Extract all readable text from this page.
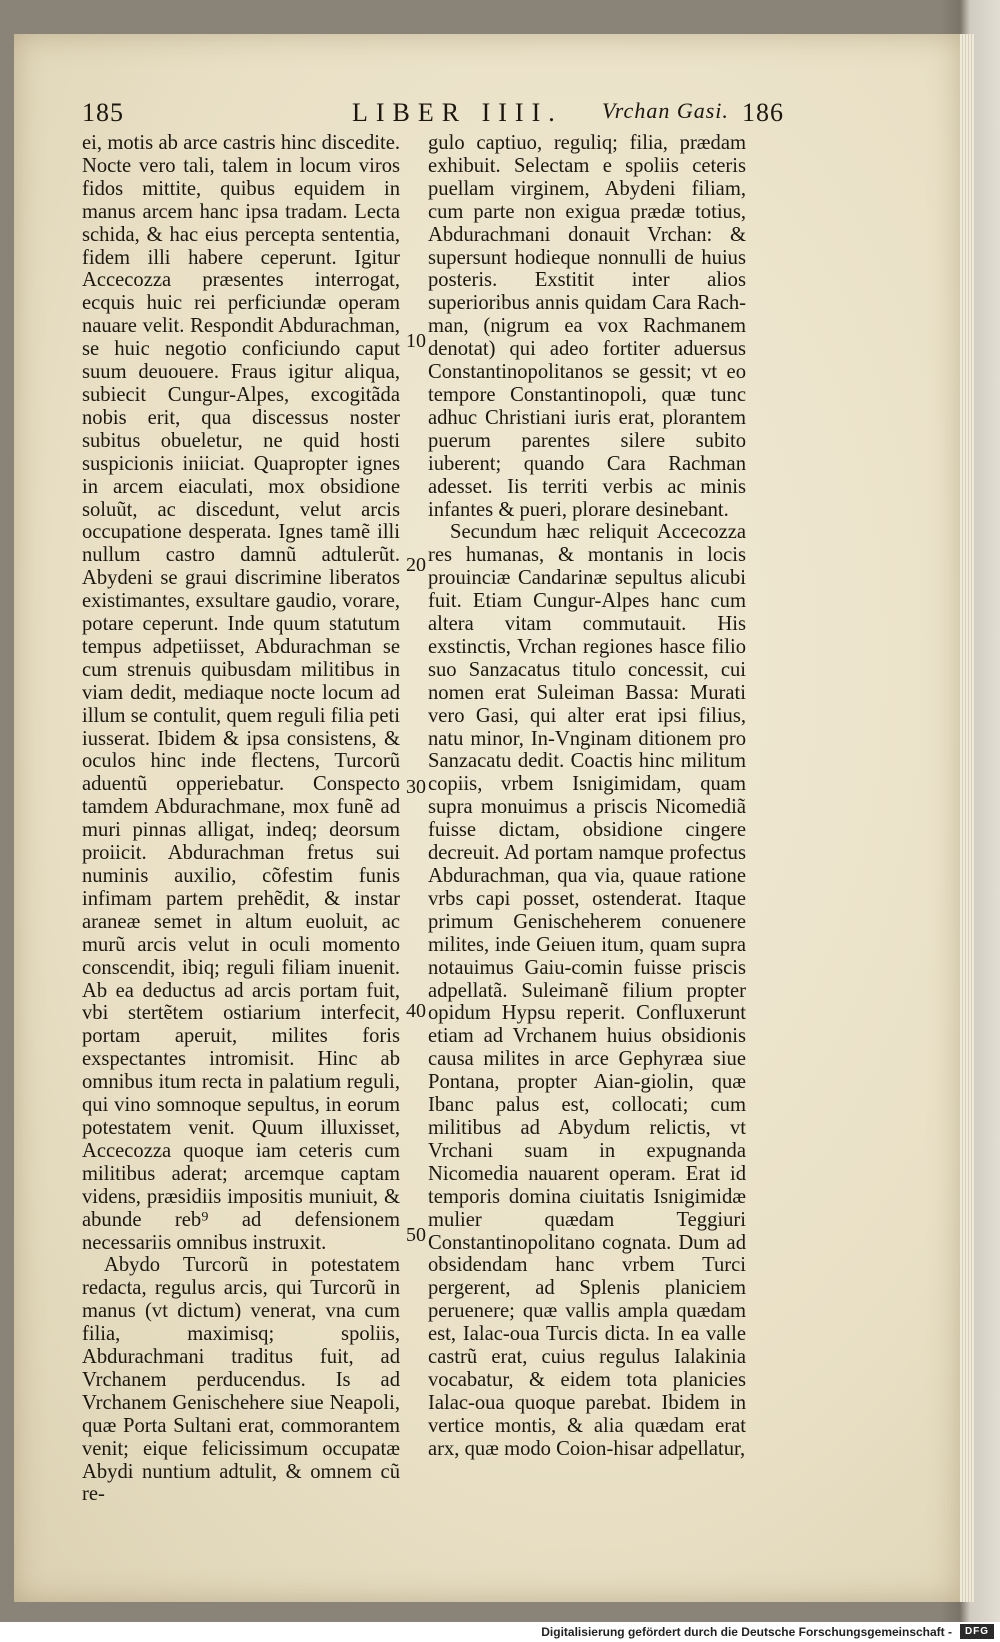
185	LIBER IIII. Vrchan Gasi. 186

ei, motis ab arce castris hinc discedite. Nocte vero tali, talem in locum viros fidos mittite, quibus equidem in manus arcem hanc ipsa tradam. Lecta schida, & hac eius percepta sententia, fidem illi habere ceperunt. Igitur Accecozza præsentes interrogat, ecquis huic rei perficiundæ operam nauare velit. Respondit Abdurachman, se huic negotio conficiundo caput suum deuouere. Fraus igitur aliqua, subiecit Cungur-Alpes, excogitãda nobis erit, qua discessus noster subitus obueletur, ne quid hosti suspicionis iniiciat. Quapropter ignes in arcem eiaculati, mox obsidione soluũt, ac discedunt, velut arcis occupatione desperata. Ignes tamẽ illi nullum castro damnũ adtulerũt. Abydeni se graui discrimine liberatos existimantes, exsultare gaudio, vorare, potare ceperunt. Inde quum statutum tempus adpetiisset, Abdurachman se cum strenuis quibusdam militibus in viam dedit, mediaque nocte locum ad illum se contulit, quem reguli filia peti iusserat. Ibidem & ipsa consistens, & oculos hinc inde flectens, Turcorũ aduentũ opperiebatur. Conspecto tamdem Abdurachmane, mox funẽ ad muri pinnas alligat, indeq; deorsum proiicit. Abdurachman fretus sui numinis auxilio, cõfestim funis infimam partem prehẽdit, & instar araneæ semet in altum euoluit, ac murũ arcis velut in oculi momento conscendit, ibiq; reguli filiam inuenit. Ab ea deductus ad arcis portam fuit, vbi stertẽtem ostiarium interfecit, portam aperuit, milites foris exspectantes intromisit. Hinc ab omnibus itum recta in palatium reguli, qui vino somnoque sepultus, in eorum potestatem venit. Quum illuxisset, Accecozza quoque iam ceteris cum militibus aderat; arcemque captam videns, præsidiis impositis muniuit, & abunde reb⁹ ad defensionem necessariis omnibus instruxit.

Abydo Turcorũ in potestatem redacta, regulus arcis, qui Turcorũ in manus (vt dictum) venerat, vna cum filia, maximisq; spoliis, Abdurachmani traditus fuit, ad Vrchanem perducendus. Is ad Vrchanem Genischehere siue Neapoli, quæ Porta Sultani erat, commorantem venit; eique felicissimum occupatæ Abydi nuntium adtulit, & omnem cũ re-

10
20
30
40
50

gulo captiuo, reguliq; filia, prædam exhibuit. Selectam e spoliis ceteris puellam virginem, Abydeni filiam, cum parte non exigua prædæ totius, Abdurachmani donauit Vrchan: & supersunt hodieque nonnulli de huius posteris. Exstitit inter alios superioribus annis quidam Cara Rach-man, (nigrum ea vox Rachmanem denotat) qui adeo fortiter aduersus Constantinopolitanos se gessit; vt eo tempore Constantinopoli, quæ tunc adhuc Christiani iuris erat, plorantem puerum parentes silere subito iuberent; quando Cara Rachman adesset. Iis territi verbis ac minis infantes & pueri, plorare desinebant.

Secundum hæc reliquit Accecozza res humanas, & montanis in locis prouinciæ Candarinæ sepultus alicubi fuit. Etiam Cungur-Alpes hanc cum altera vitam commutauit. His exstinctis, Vrchan regiones hasce filio suo Sanzacatus titulo concessit, cui nomen erat Suleiman Bassa: Murati vero Gasi, qui alter erat ipsi filius, natu minor, In-Vnginam ditionem pro Sanzacatu dedit. Coactis hinc militum copiis, vrbem Isnigimidam, quam supra monuimus a priscis Nicomediã fuisse dictam, obsidione cingere decreuit. Ad portam namque profectus Abdurachman, qua via, quaue ratione vrbs capi posset, ostenderat. Itaque primum Genischeherem conuenere milites, inde Geiuen itum, quam supra notauimus Gaiu-comin fuisse priscis adpellatã. Suleimanẽ filium propter opidum Hypsu reperit. Confluxerunt etiam ad Vrchanem huius obsidionis causa milites in arce Gephyræa siue Pontana, propter Aian-giolin, quæ Ibanc palus est, collocati; cum militibus ad Abydum relictis, vt Vrchani suam in expugnanda Nicomedia nauarent operam. Erat id temporis domina ciuitatis Isnigimidæ mulier quædam Teggiuri Constantinopolitano cognata. Dum ad obsidendam hanc vrbem Turci pergerent, ad Splenis planiciem peruenere; quæ vallis ampla quædam est, Ialac-oua Turcis dicta. In ea valle castrũ erat, cuius regulus Ialakinia vocabatur, & eidem tota planicies Ialac-oua quoque parebat. Ibidem in vertice montis, & alia quædam erat arx, quæ modo Coion-hisar adpellatur,

Digitalisierung gefördert durch die Deutsche Forschungsgemeinschaft -	DFG
